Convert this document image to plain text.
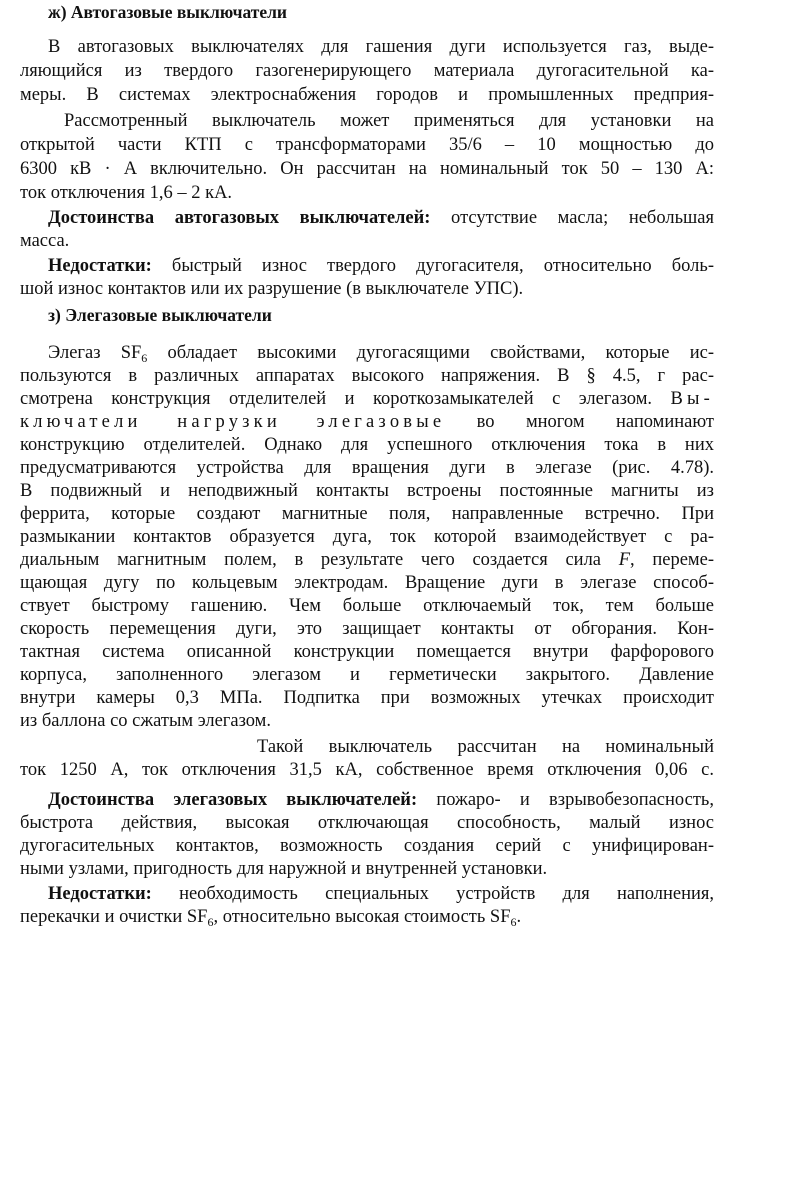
ж) Автогазовые выключатели
В автогазовых выключателях для гашения дуги используется газ, выде-
ляющийся из твердого газогенерирующего материала дугогасительной ка-
меры. В системах электроснабжения городов и промышленных предприя-
Рассмотренный выключатель может применяться для установки на
открытой части КТП с трансформаторами 35/6 – 10 мощностью до
6300 кВ · А включительно. Он рассчитан на номинальный ток 50 – 130 А:
ток отключения 1,6 – 2 кА.
Достоинства автогазовых выключателей: отсутствие масла; небольшая
масса.
Недостатки: быстрый износ твердого дугогасителя, относительно боль-
шой износ контактов или их разрушение (в выключателе УПС).
з) Элегазовые выключатели
Элегаз $SF_6$ обладает высокими дугогасящими свойствами, которые ис-
пользуются в различных аппаратах высокого напряжения. В § 4.5, г рас-
смотрена конструкция отделителей и короткозамыкателей с элегазом. Вы-
ключатели нагрузки элегазовые во многом напоминают
конструкцию отделителей. Однако для успешного отключения тока в них
предусматриваются устройства для вращения дуги в элегазе (рис. 4.78).
В подвижный и неподвижный контакты встроены постоянные магниты из
феррита, которые создают магнитные поля, направленные встречно. При
размыкании контактов образуется дуга, ток которой взаимодействует с ра-
диальным магнитным полем, в результате чего создается сила F, переме-
щающая дугу по кольцевым электродам. Вращение дуги в элегазе способ-
ствует быстрому гашению. Чем больше отключаемый ток, тем больше
скорость перемещения дуги, это защищает контакты от обгорания. Кон-
тактная система описанной конструкции помещается внутри фарфорового
корпуса, заполненного элегазом и герметически закрытого. Давление
внутри камеры 0,3 МПа. Подпитка при возможных утечках происходит
из баллона со сжатым элегазом.
Такой выключатель рассчитан на номинальный
ток 1250 А, ток отключения 31,5 кА, собственное время отключения 0,06 с.
Достоинства элегазовых выключателей: пожаро- и взрывобезопасность,
быстрота действия, высокая отключающая способность, малый износ
дугогасительных контактов, возможность создания серий с унифицирован-
ными узлами, пригодность для наружной и внутренней установки.
Недостатки: необходимость специальных устройств для наполнения,
перекачки и очистки $SF_6$, относительно высокая стоимость $SF_6$.
